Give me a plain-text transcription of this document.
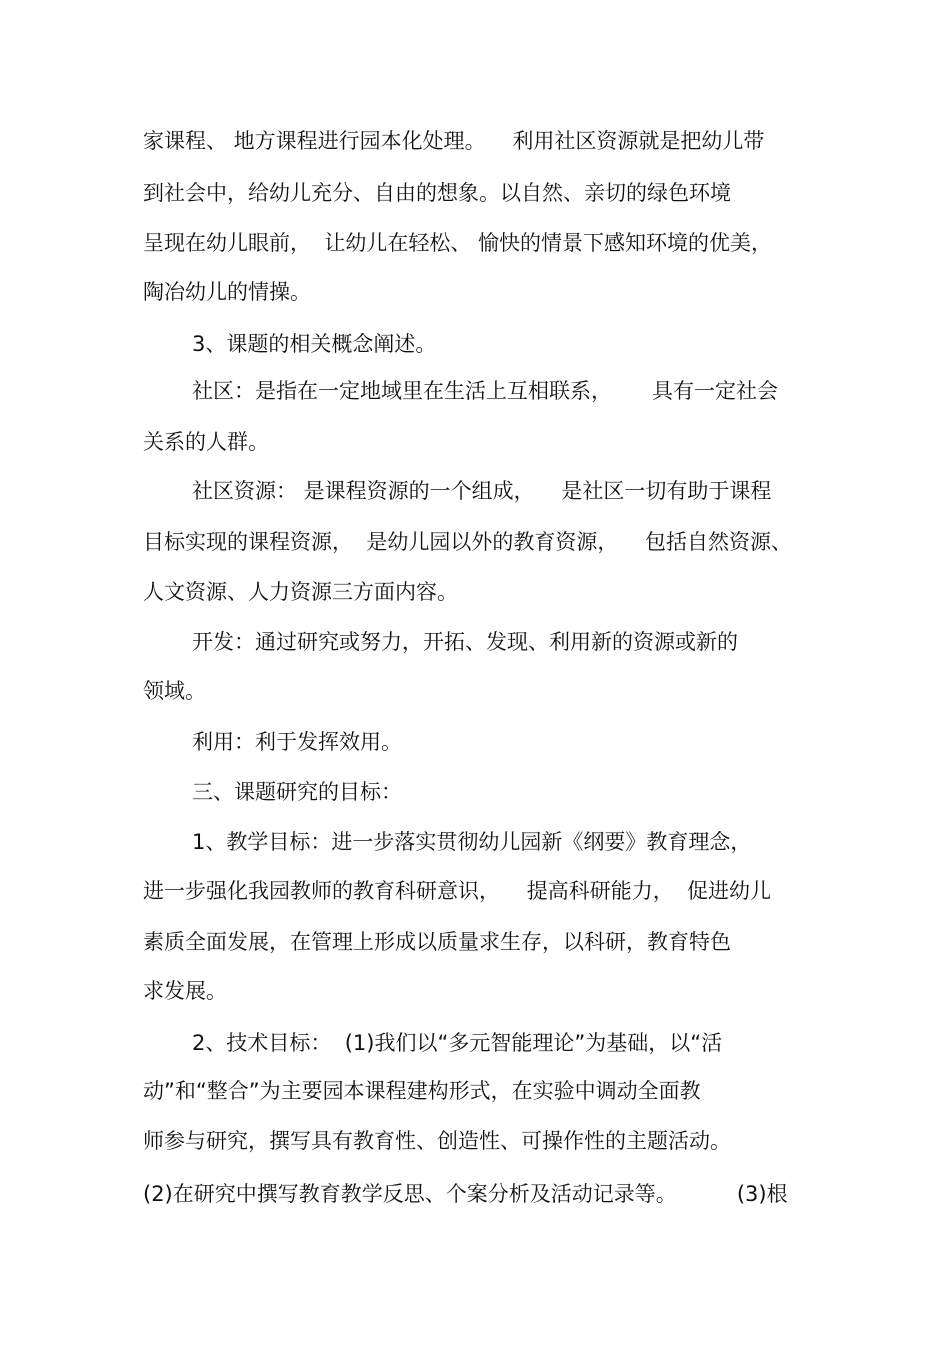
家课程、 地方课程进行园本化处理。    利用社区资源就是把幼儿带
到社会中，给幼儿充分、自由的想象。以自然、亲切的绿色环境
呈现在幼儿眼前，  让幼儿在轻松、 愉快的情景下感知环境的优美，
陶冶幼儿的情操。
3、课题的相关概念阐述。
社区：是指在一定地域里在生活上互相联系，      具有一定社会
关系的人群。
社区资源： 是课程资源的一个组成，    是社区一切有助于课程
目标实现的课程资源，  是幼儿园以外的教育资源，    包括自然资源、
人文资源、人力资源三方面内容。
开发：通过研究或努力，开拓、发现、利用新的资源或新的
领域。
利用：利于发挥效用。
三、课题研究的目标：
1、教学目标：进一步落实贯彻幼儿园新《纲要》教育理念，
进一步强化我园教师的教育科研意识，    提高科研能力，  促进幼儿
素质全面发展，在管理上形成以质量求生存，以科研，教育特色
求发展。
2、技术目标：  (1)我们以“多元智能理论”为基础，以“活
动”和“整合”为主要园本课程建构形式，在实验中调动全面教
师参与研究，撰写具有教育性、创造性、可操作性的主题活动。
(2)在研究中撰写教育教学反思、个案分析及活动记录等。         (3)根
